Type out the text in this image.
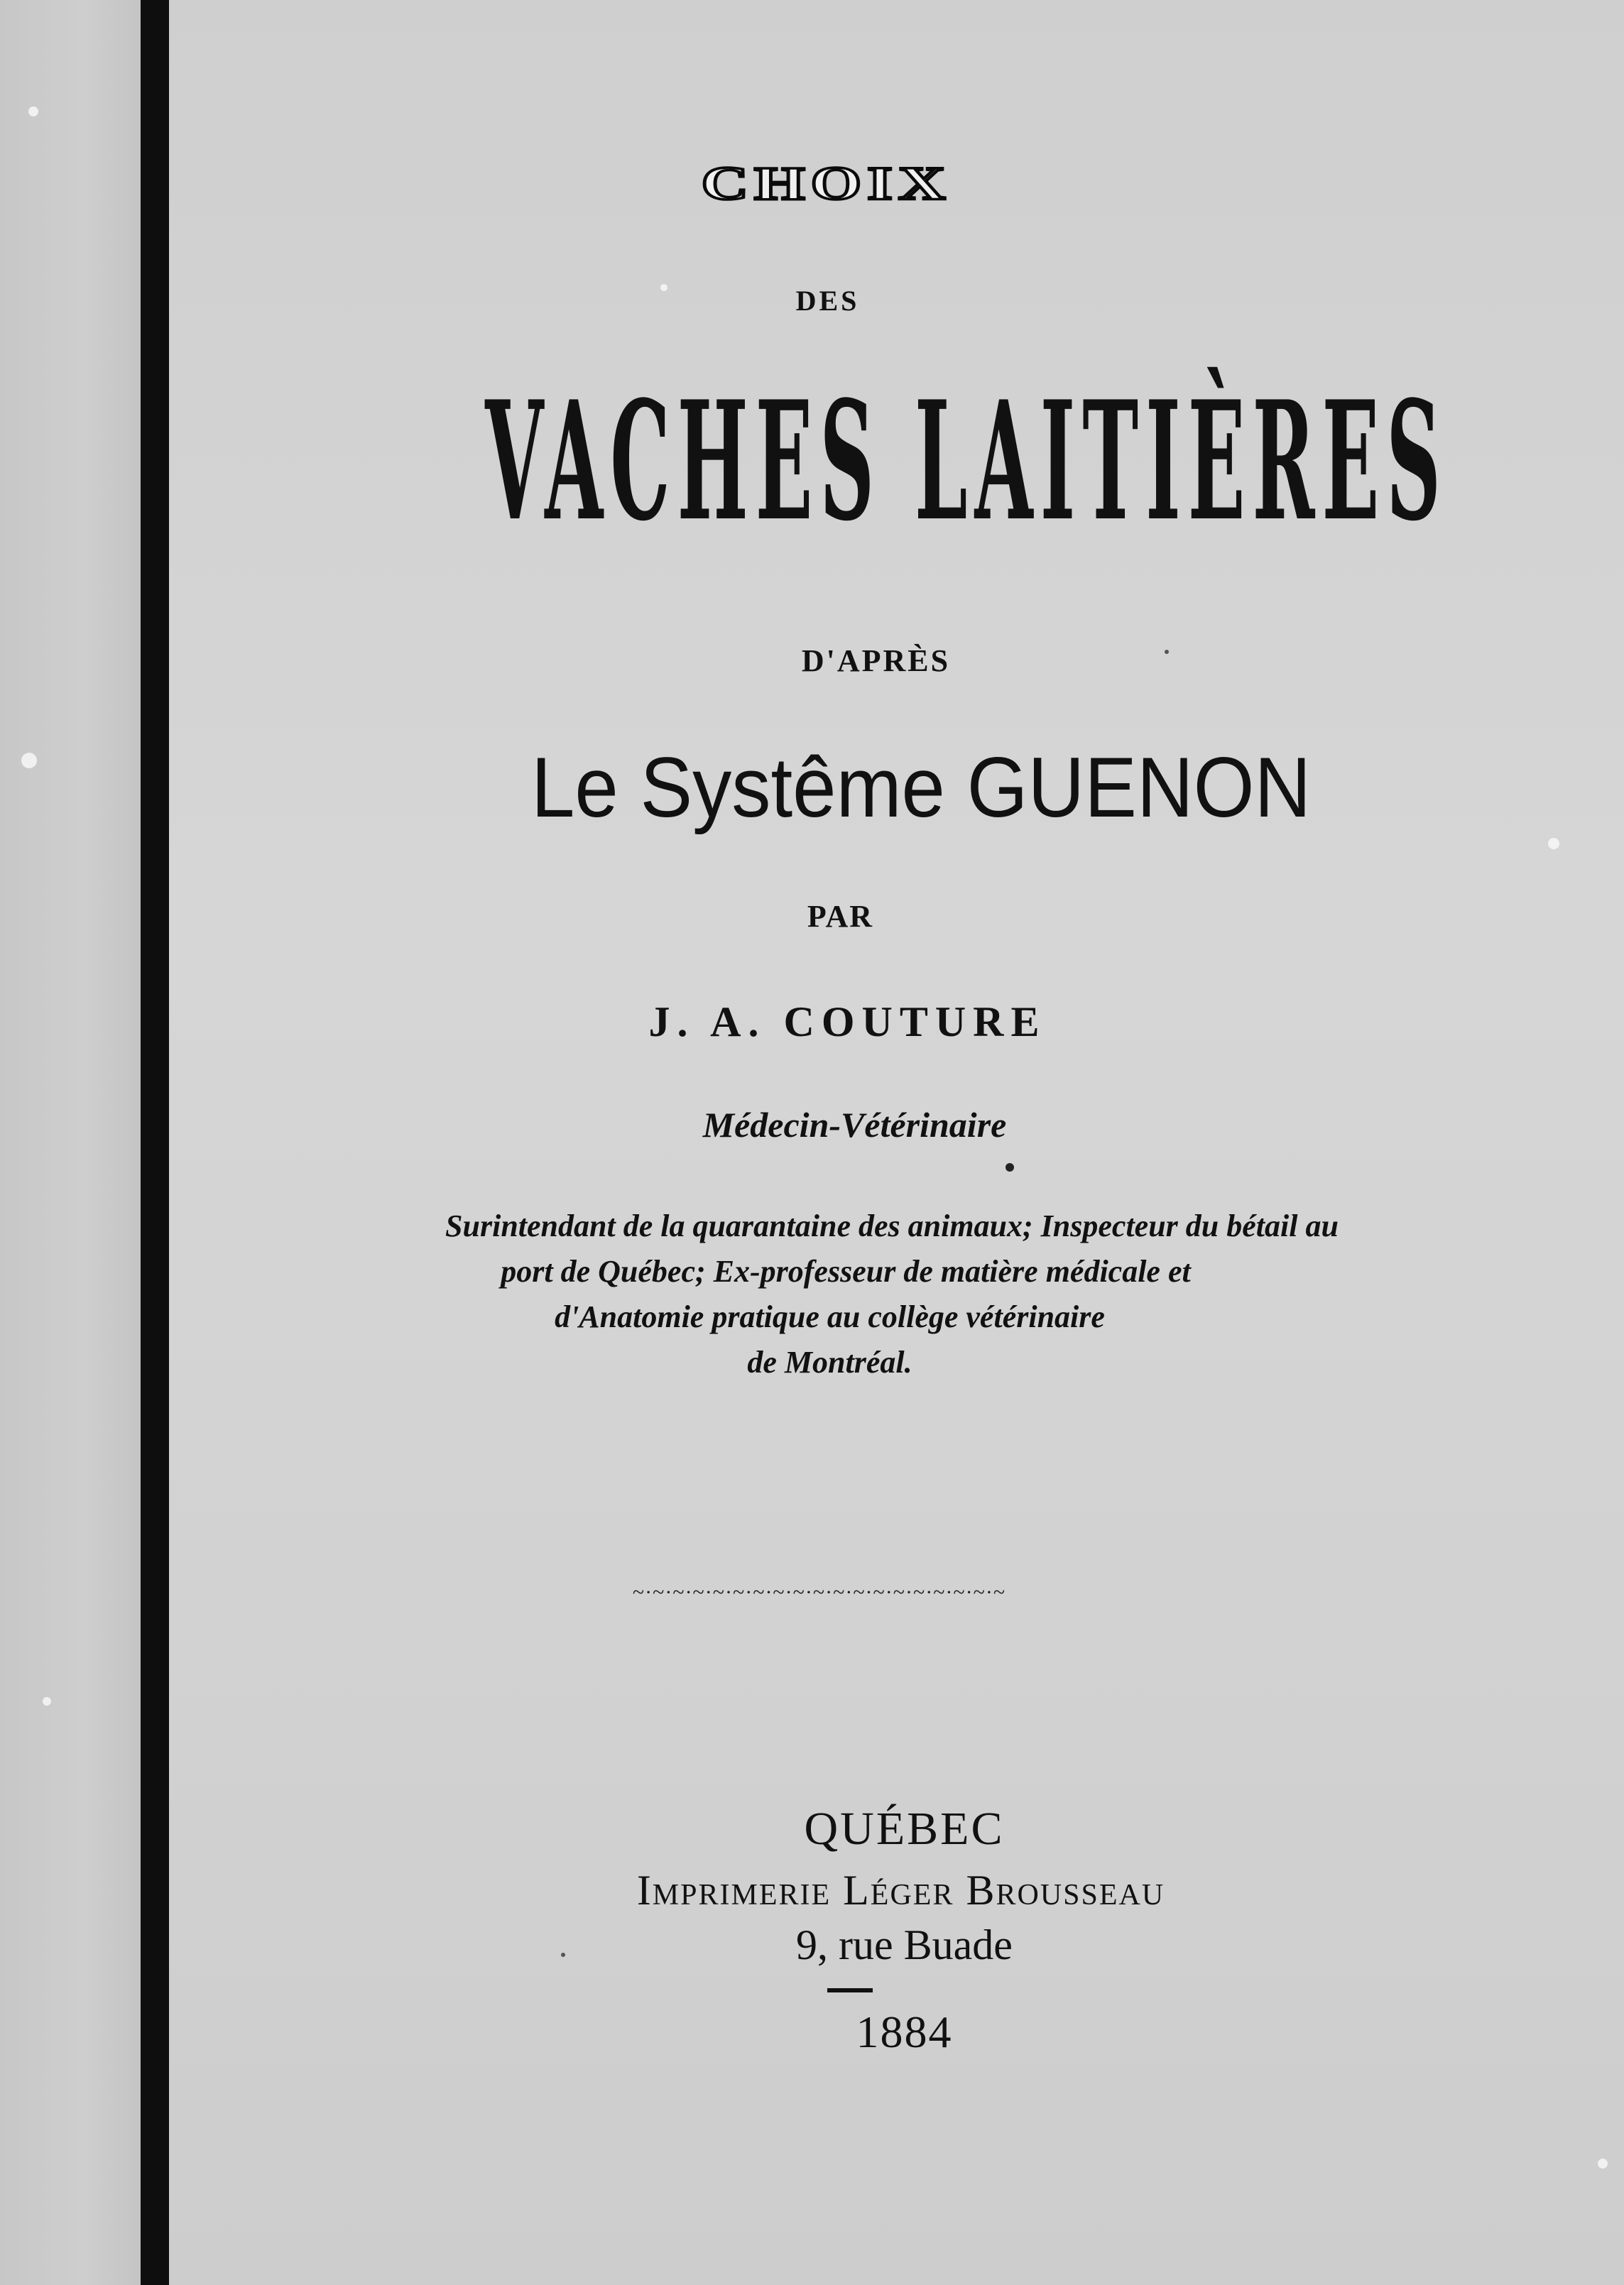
CHOIX
DES
VACHES LAITIÈRES
D'APRÈS
Le Systême GUENON
PAR
J. A. COUTURE
Médecin-Vétérinaire
Surintendant de la quarantaine des animaux; Inspecteur du bétail au
port de Québec; Ex-professeur de matière médicale et
d'Anatomie pratique au collège vétérinaire
de Montréal.
~·~·~·~·~·~·~·~·~·~·~·~·~·~·~·~·~·~·~
QUÉBEC
Imprimerie Léger Brousseau
9, rue Buade
1884
